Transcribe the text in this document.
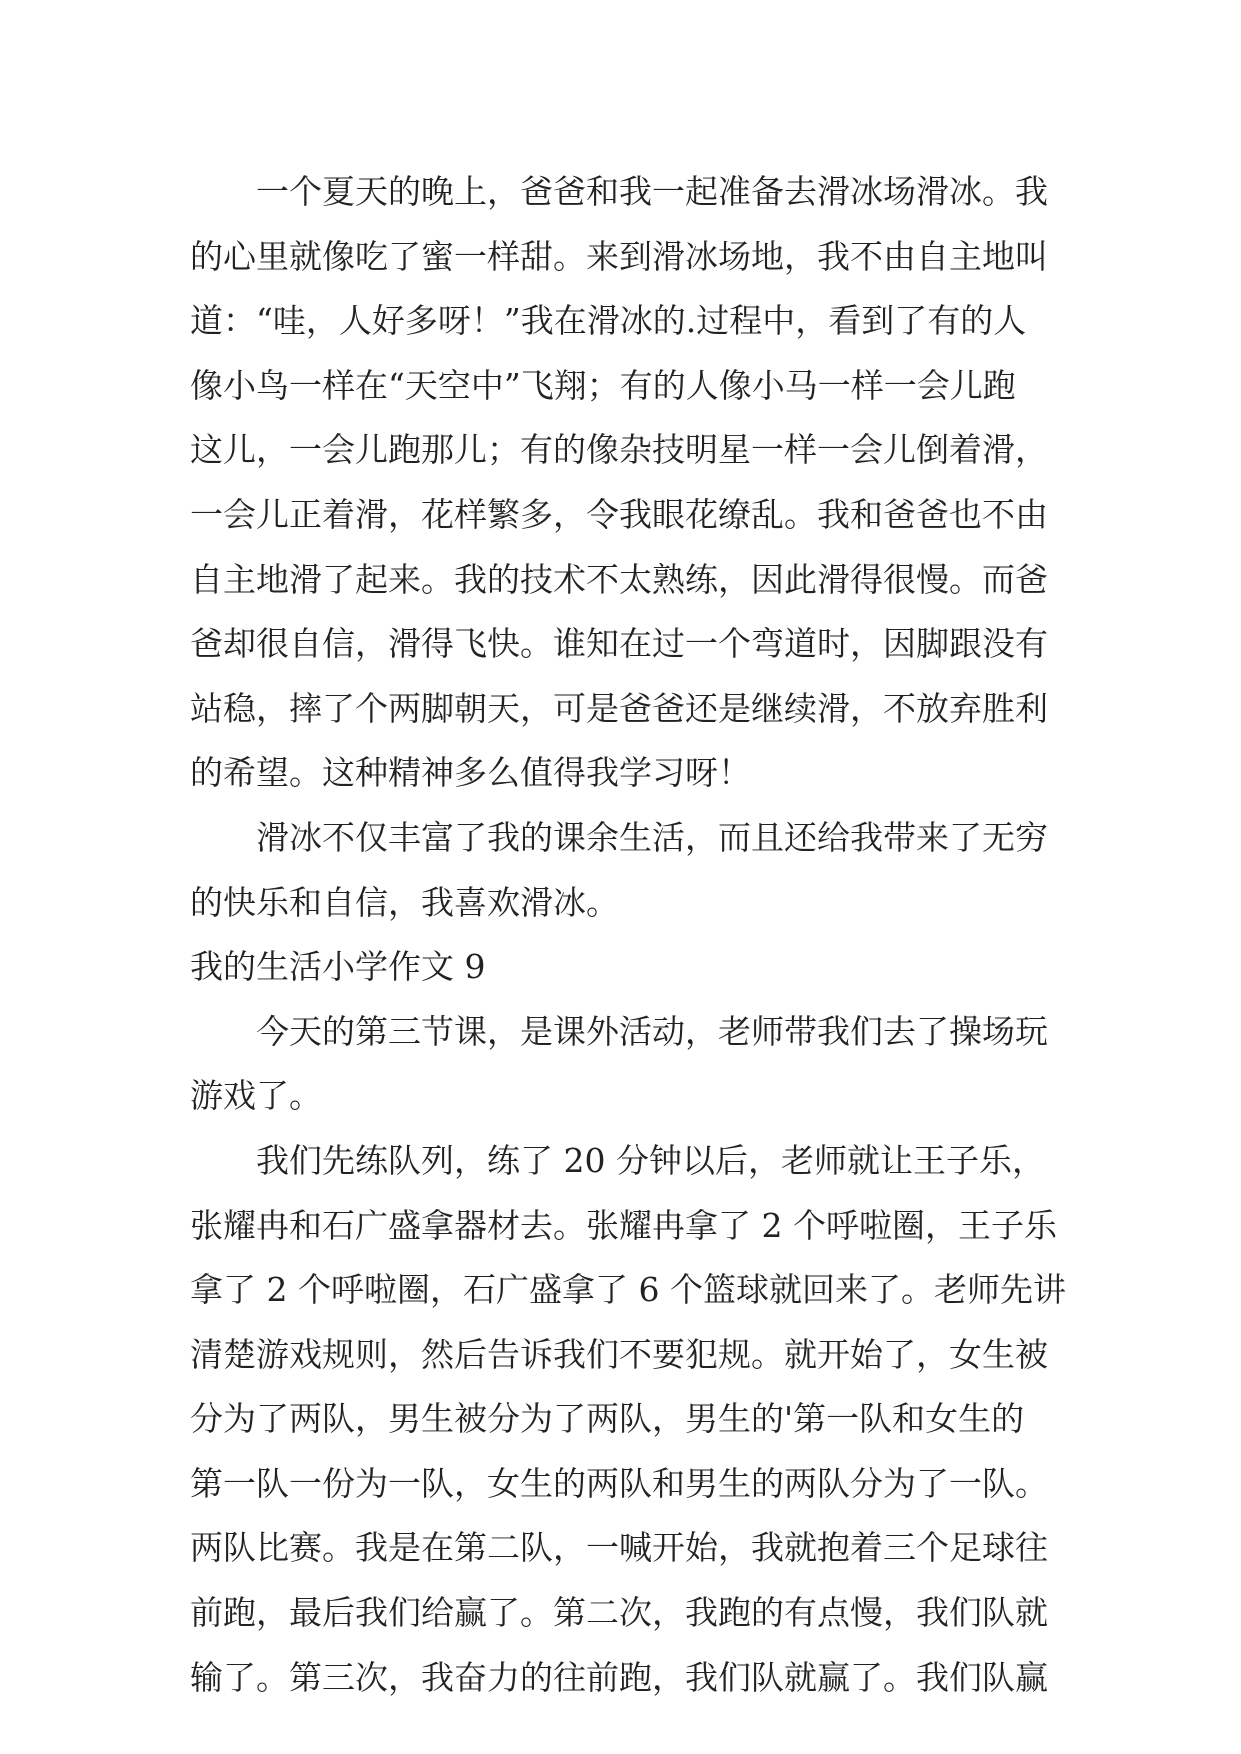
一个夏天的晚上，爸爸和我一起准备去滑冰场滑冰。我
的心里就像吃了蜜一样甜。来到滑冰场地，我不由自主地叫
道：“哇，人好多呀！”我在滑冰的.过程中，看到了有的人
像小鸟一样在“天空中”飞翔；有的人像小马一样一会儿跑
这儿，一会儿跑那儿；有的像杂技明星一样一会儿倒着滑，
一会儿正着滑，花样繁多，令我眼花缭乱。我和爸爸也不由
自主地滑了起来。我的技术不太熟练，因此滑得很慢。而爸
爸却很自信，滑得飞快。谁知在过一个弯道时，因脚跟没有
站稳，摔了个两脚朝天，可是爸爸还是继续滑，不放弃胜利
的希望。这种精神多么值得我学习呀！
滑冰不仅丰富了我的课余生活，而且还给我带来了无穷
的快乐和自信，我喜欢滑冰。
我的生活小学作文 9
今天的第三节课，是课外活动，老师带我们去了操场玩
游戏了。
我们先练队列，练了 20 分钟以后，老师就让王子乐，
张耀冉和石广盛拿器材去。张耀冉拿了 2 个呼啦圈，王子乐
拿了 2 个呼啦圈，石广盛拿了 6 个篮球就回来了。老师先讲
清楚游戏规则，然后告诉我们不要犯规。就开始了，女生被
分为了两队，男生被分为了两队，男生的'第一队和女生的
第一队一份为一队，女生的两队和男生的两队分为了一队。
两队比赛。我是在第二队，一喊开始，我就抱着三个足球往
前跑，最后我们给赢了。第二次，我跑的有点慢，我们队就
输了。第三次，我奋力的往前跑，我们队就赢了。我们队赢
